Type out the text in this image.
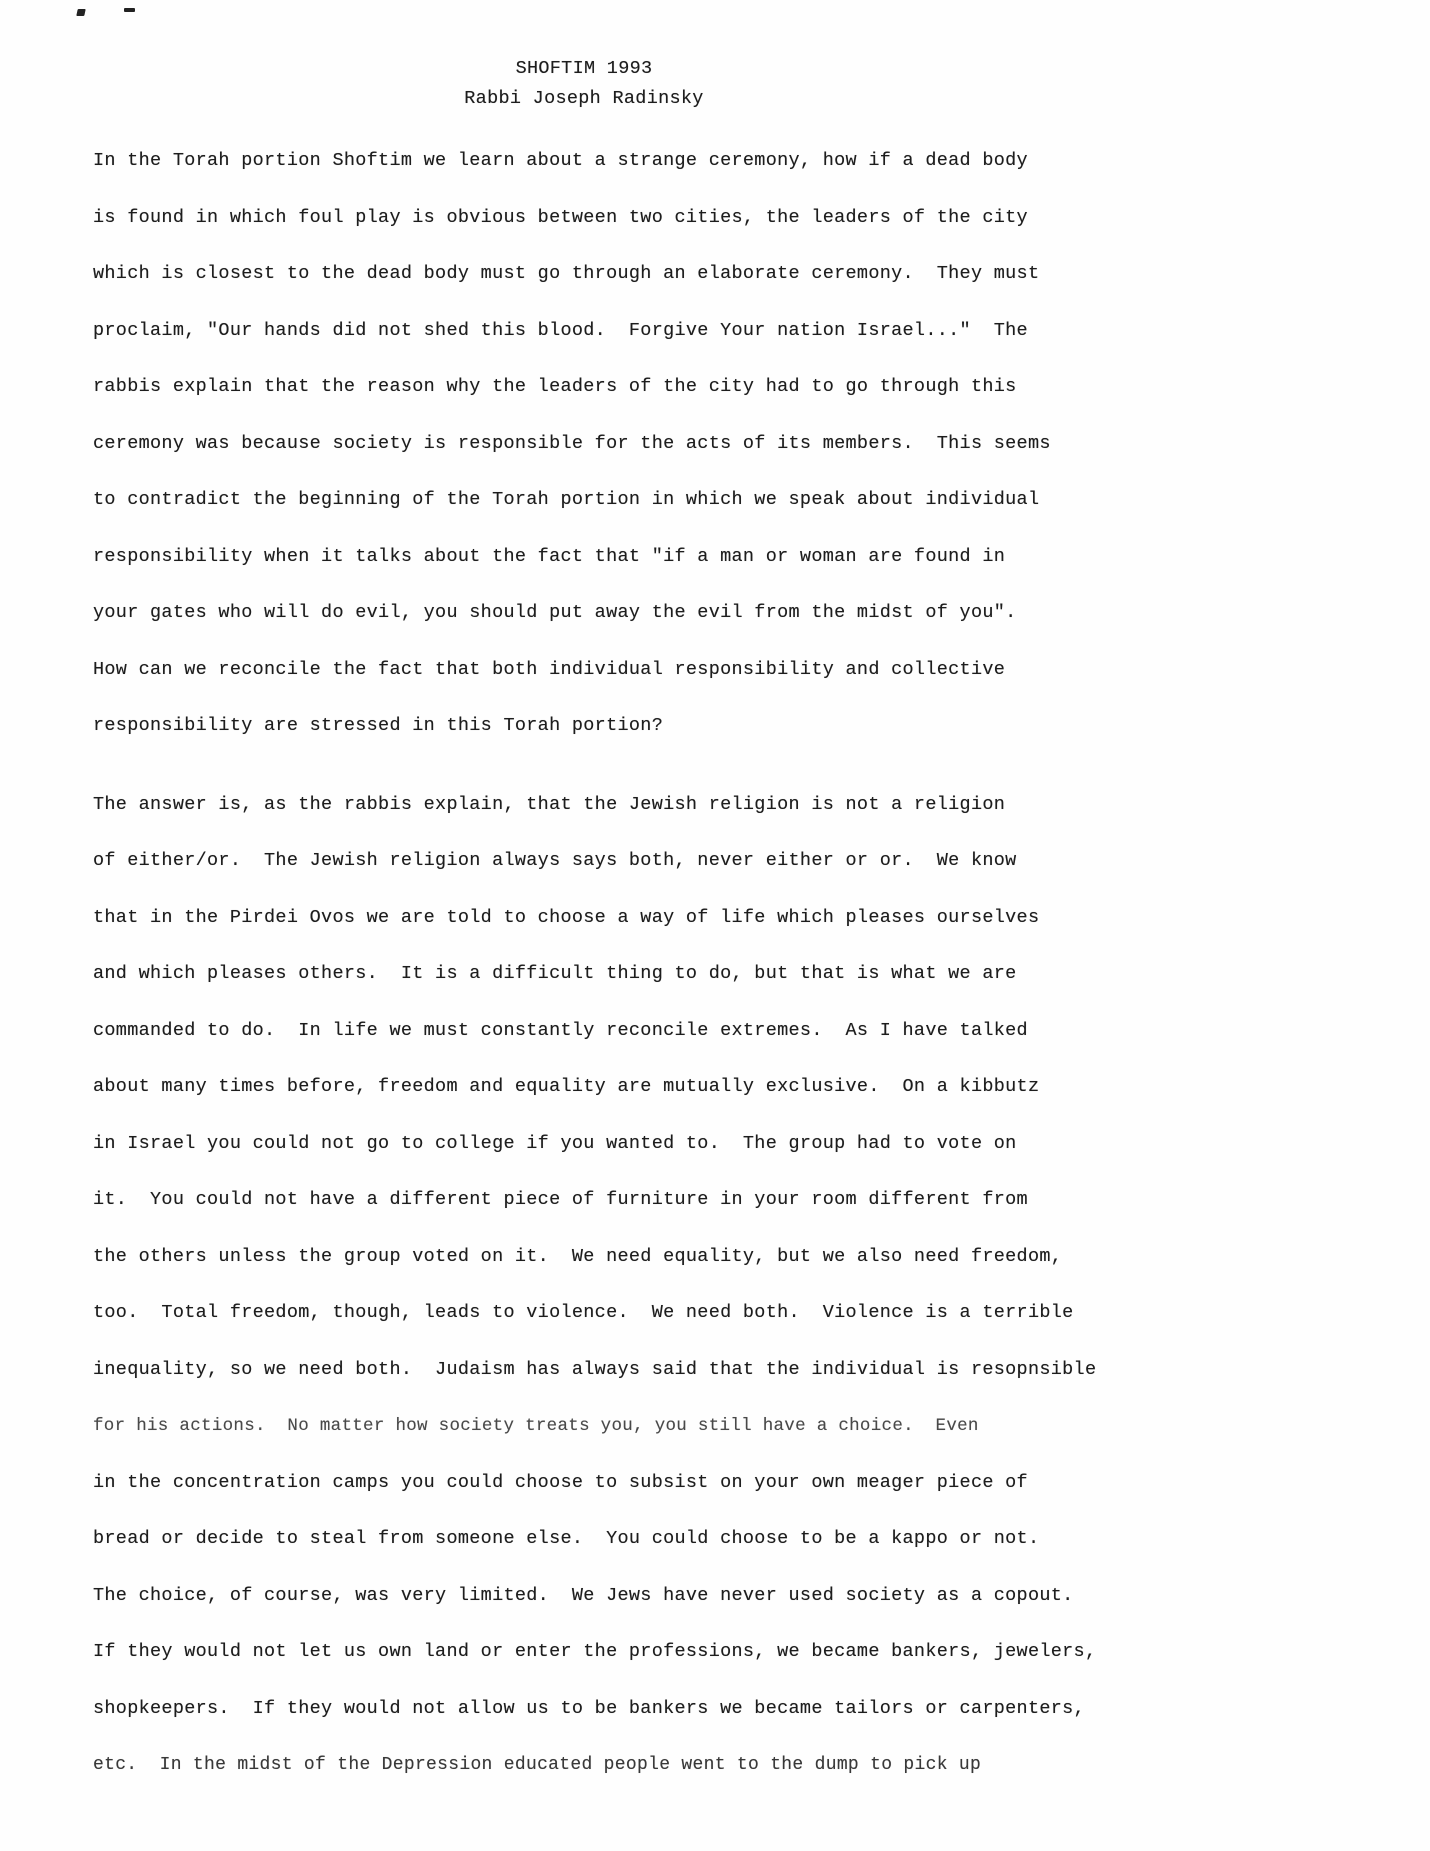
SHOFTIM 1993
Rabbi Joseph Radinsky
In the Torah portion Shoftim we learn about a strange ceremony, how if a dead body
is found in which foul play is obvious between two cities, the leaders of the city
which is closest to the dead body must go through an elaborate ceremony.  They must
proclaim, "Our hands did not shed this blood.  Forgive Your nation Israel..."  The
rabbis explain that the reason why the leaders of the city had to go through this
ceremony was because society is responsible for the acts of its members.  This seems
to contradict the beginning of the Torah portion in which we speak about individual
responsibility when it talks about the fact that "if a man or woman are found in
your gates who will do evil, you should put away the evil from the midst of you".
How can we reconcile the fact that both individual responsibility and collective
responsibility are stressed in this Torah portion?
The answer is, as the rabbis explain, that the Jewish religion is not a religion
of either/or.  The Jewish religion always says both, never either or or.  We know
that in the Pirdei Ovos we are told to choose a way of life which pleases ourselves
and which pleases others.  It is a difficult thing to do, but that is what we are
commanded to do.  In life we must constantly reconcile extremes.  As I have talked
about many times before, freedom and equality are mutually exclusive.  On a kibbutz
in Israel you could not go to college if you wanted to.  The group had to vote on
it.  You could not have a different piece of furniture in your room different from
the others unless the group voted on it.  We need equality, but we also need freedom,
too.  Total freedom, though, leads to violence.  We need both.  Violence is a terrible
inequality, so we need both.  Judaism has always said that the individual is resopnsible
for his actions.  No matter how society treats you, you still have a choice.  Even
in the concentration camps you could choose to subsist on your own meager piece of
bread or decide to steal from someone else.  You could choose to be a kappo or not.
The choice, of course, was very limited.  We Jews have never used society as a copout.
If they would not let us own land or enter the professions, we became bankers, jewelers,
shopkeepers.  If they would not allow us to be bankers we became tailors or carpenters,
etc.  In the midst of the Depression educated people went to the dump to pick up
